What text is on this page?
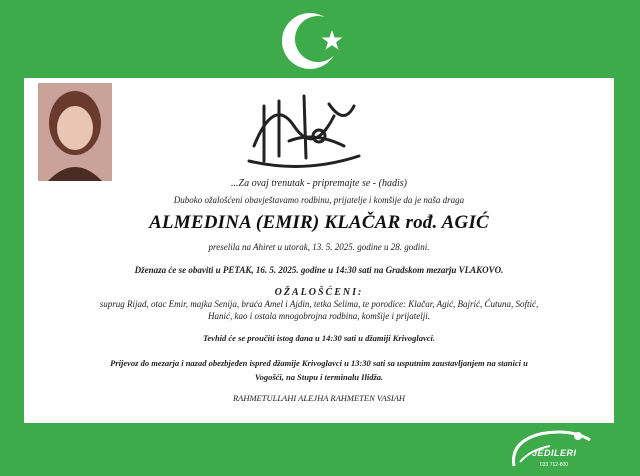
...Za ovaj trenutak - pripremajte se - (hadis)
Duboko ožalošćeni obavještavamo rodbinu, prijatelje i komšije da je naša draga
ALMEDINA (EMIR) KLAČAR rođ. AGIĆ
preselila na Ahiret u utorak, 13. 5. 2025. godine u 28. godini.
Dženaza će se obaviti u PETAK, 16. 5. 2025. godine u 14:30 sati na Gradskom mezarju VLAKOVO.
OŽALOŠĆENI:
suprug Rijad, otac Emir, majka Senija, braća Amel i Ajdin, tetka Selima, te porodice: Klačar, Agić, Bajrić, Ćutuna, Softić,
Hanić, kao i ostala mnogobrojna rodbina, komšije i prijatelji.
Tevhid će se proučiti istog dana u 14:30 sati u džamiji Krivoglavci.
Prijevoz do mezarja i nazad obezbjeđen ispred džamije Krivoglavci u 13:30 sati sa usputnim zaustavljanjem na stanici u
Vogošći, na Stupu i terminalu Ilidža.
RAHMETULLAHI ALEJHA RAHMETEN VASIAH
JEDILERI
033 712-800
